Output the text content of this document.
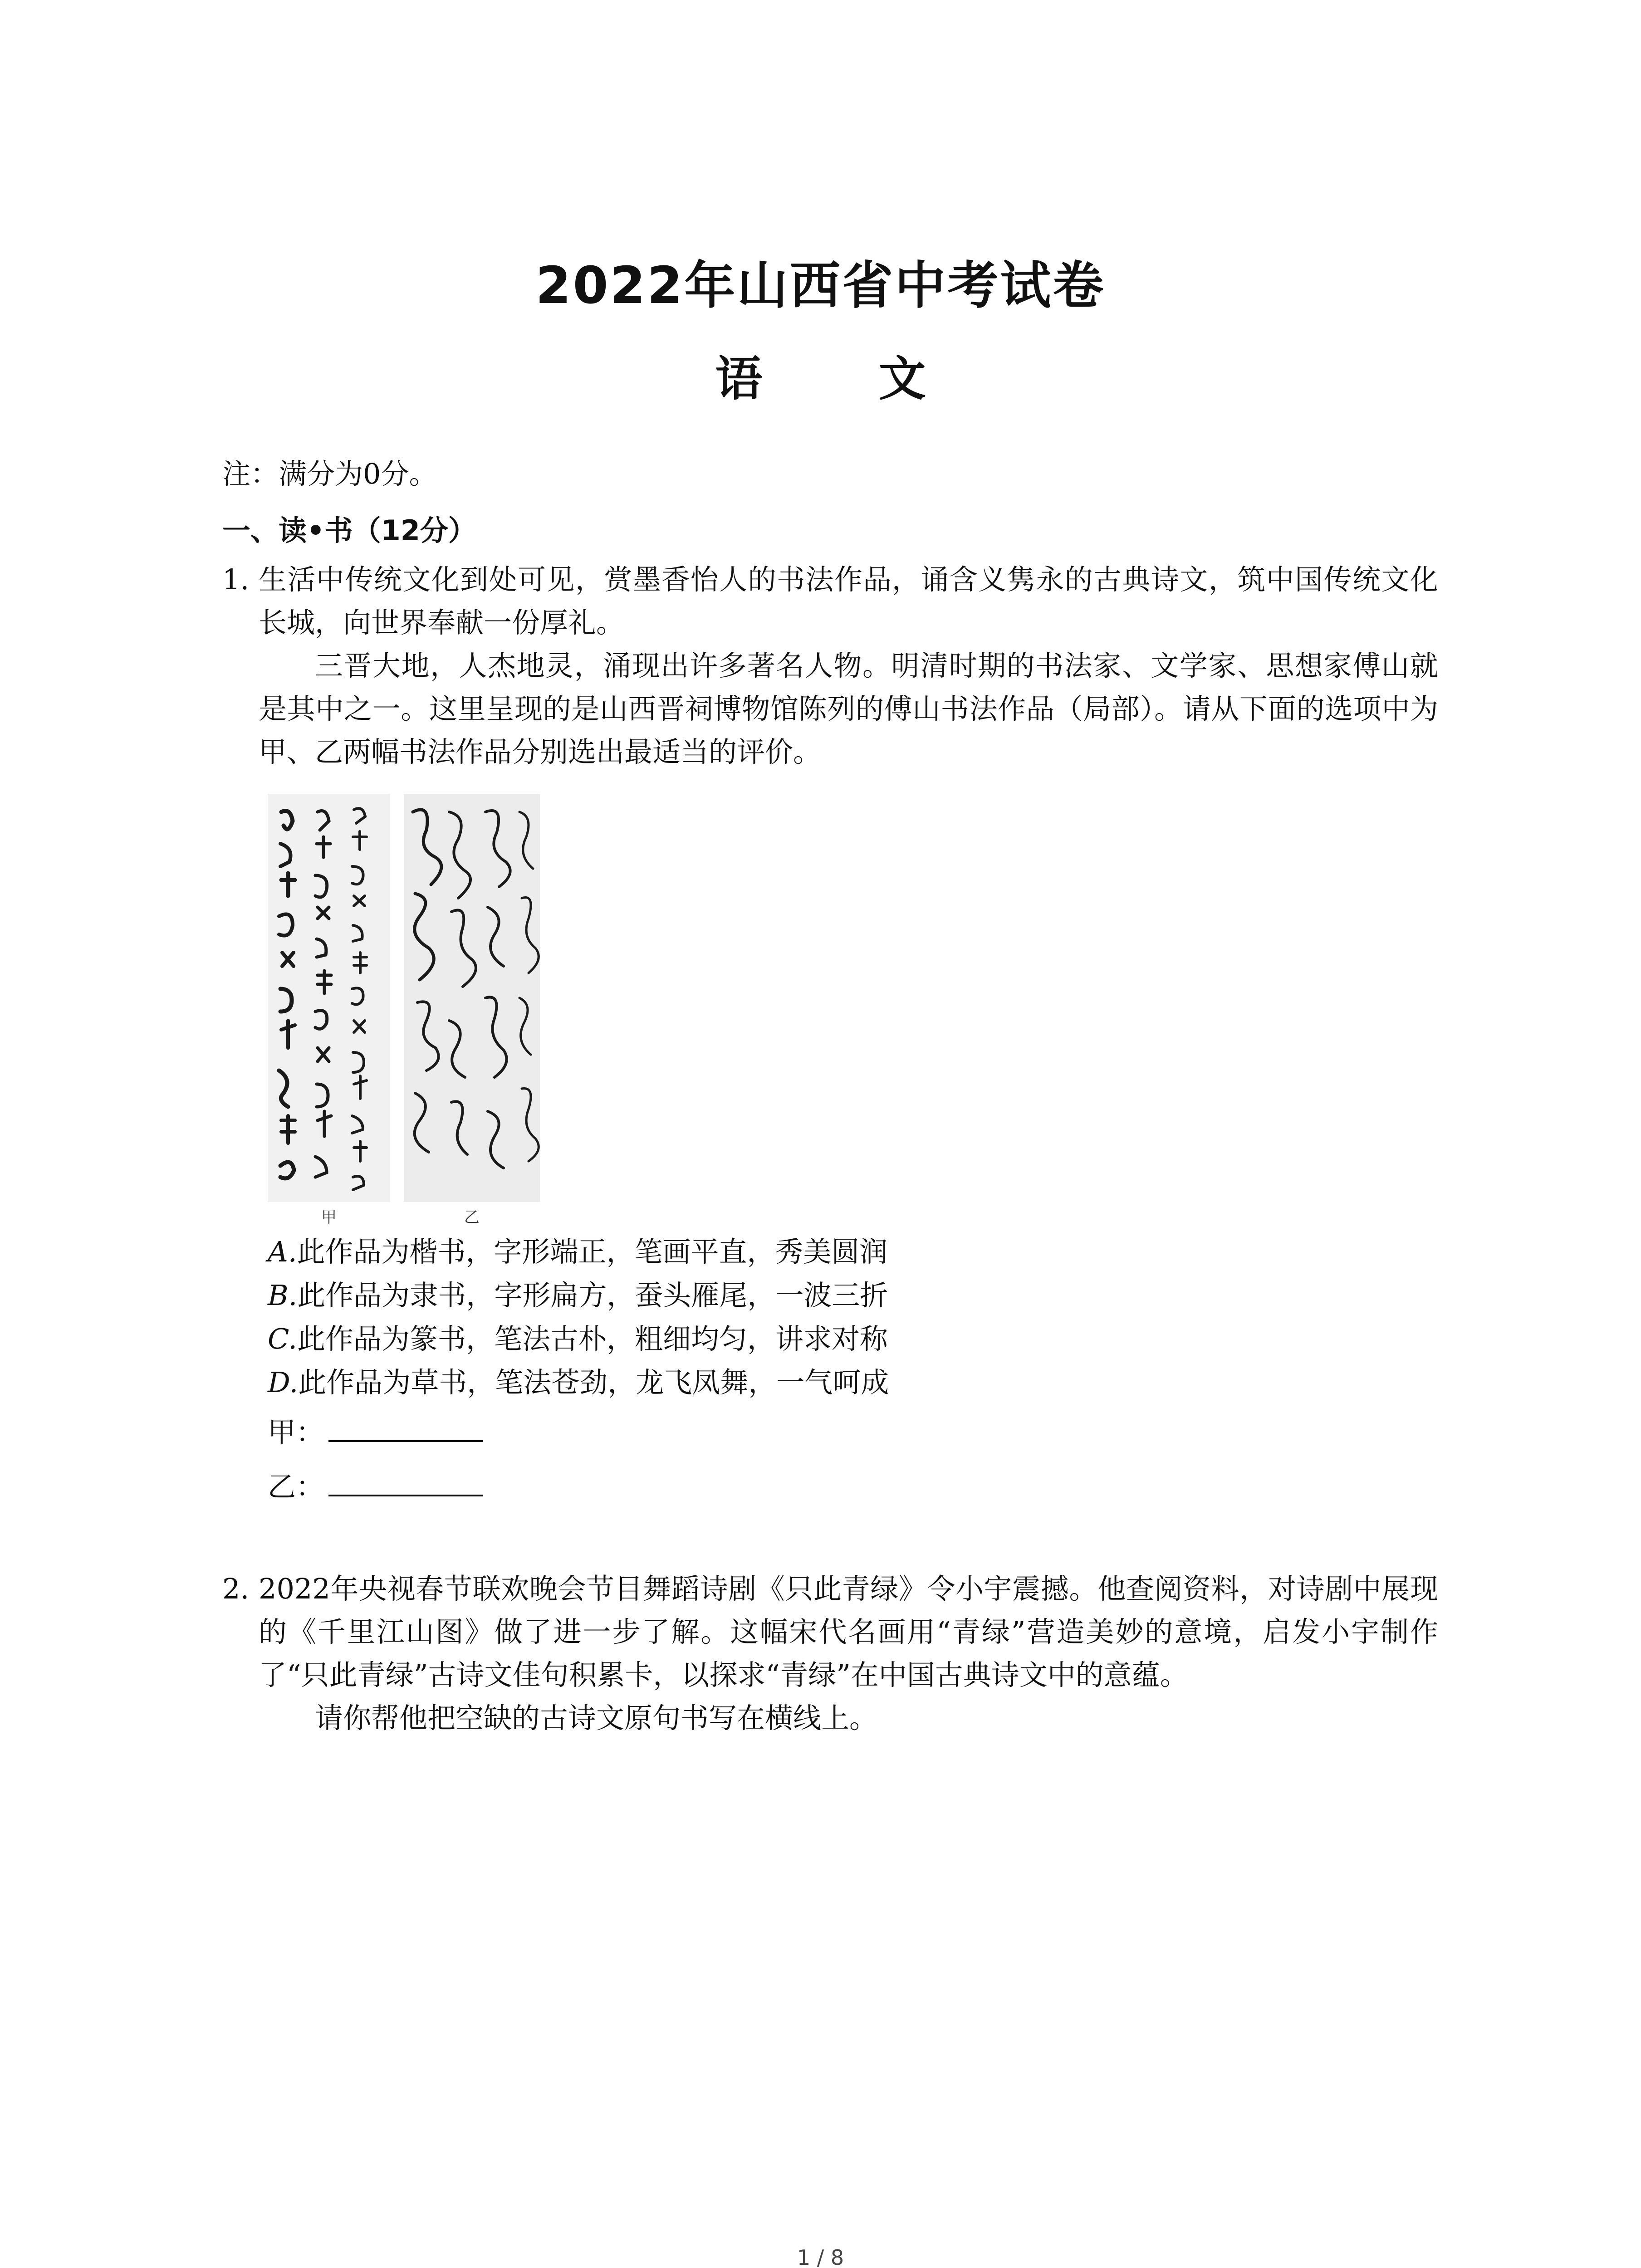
2022年山西省中考试卷
语 文
注：满分为0分。
一、读•书（12分）
1. 生活中传统文化到处可见，赏墨香怡人的书法作品，诵含义隽永的古典诗文，筑中国传统文化长城，向世界奉献一份厚礼。
三晋大地，人杰地灵，涌现出许多著名人物。明清时期的书法家、文学家、思想家傅山就是其中之一。这里呈现的是山西晋祠博物馆陈列的傅山书法作品（局部）。请从下面的选项中为甲、乙两幅书法作品分别选出最适当的评价。
甲	乙
A.此作品为楷书，字形端正，笔画平直，秀美圆润
B.此作品为隶书，字形扁方，蚕头雁尾，一波三折
C.此作品为篆书，笔法古朴，粗细均匀，讲求对称
D.此作品为草书，笔法苍劲，龙飞凤舞，一气呵成
甲：
乙：
2. 2022年央视春节联欢晚会节目舞蹈诗剧《只此青绿》令小宇震撼。他查阅资料，对诗剧中展现的《千里江山图》做了进一步了解。这幅宋代名画用“青绿”营造美妙的意境，启发小宇制作了“只此青绿”古诗文佳句积累卡，以探求“青绿”在中国古典诗文中的意蕴。
请你帮他把空缺的古诗文原句书写在横线上。
1 / 8
